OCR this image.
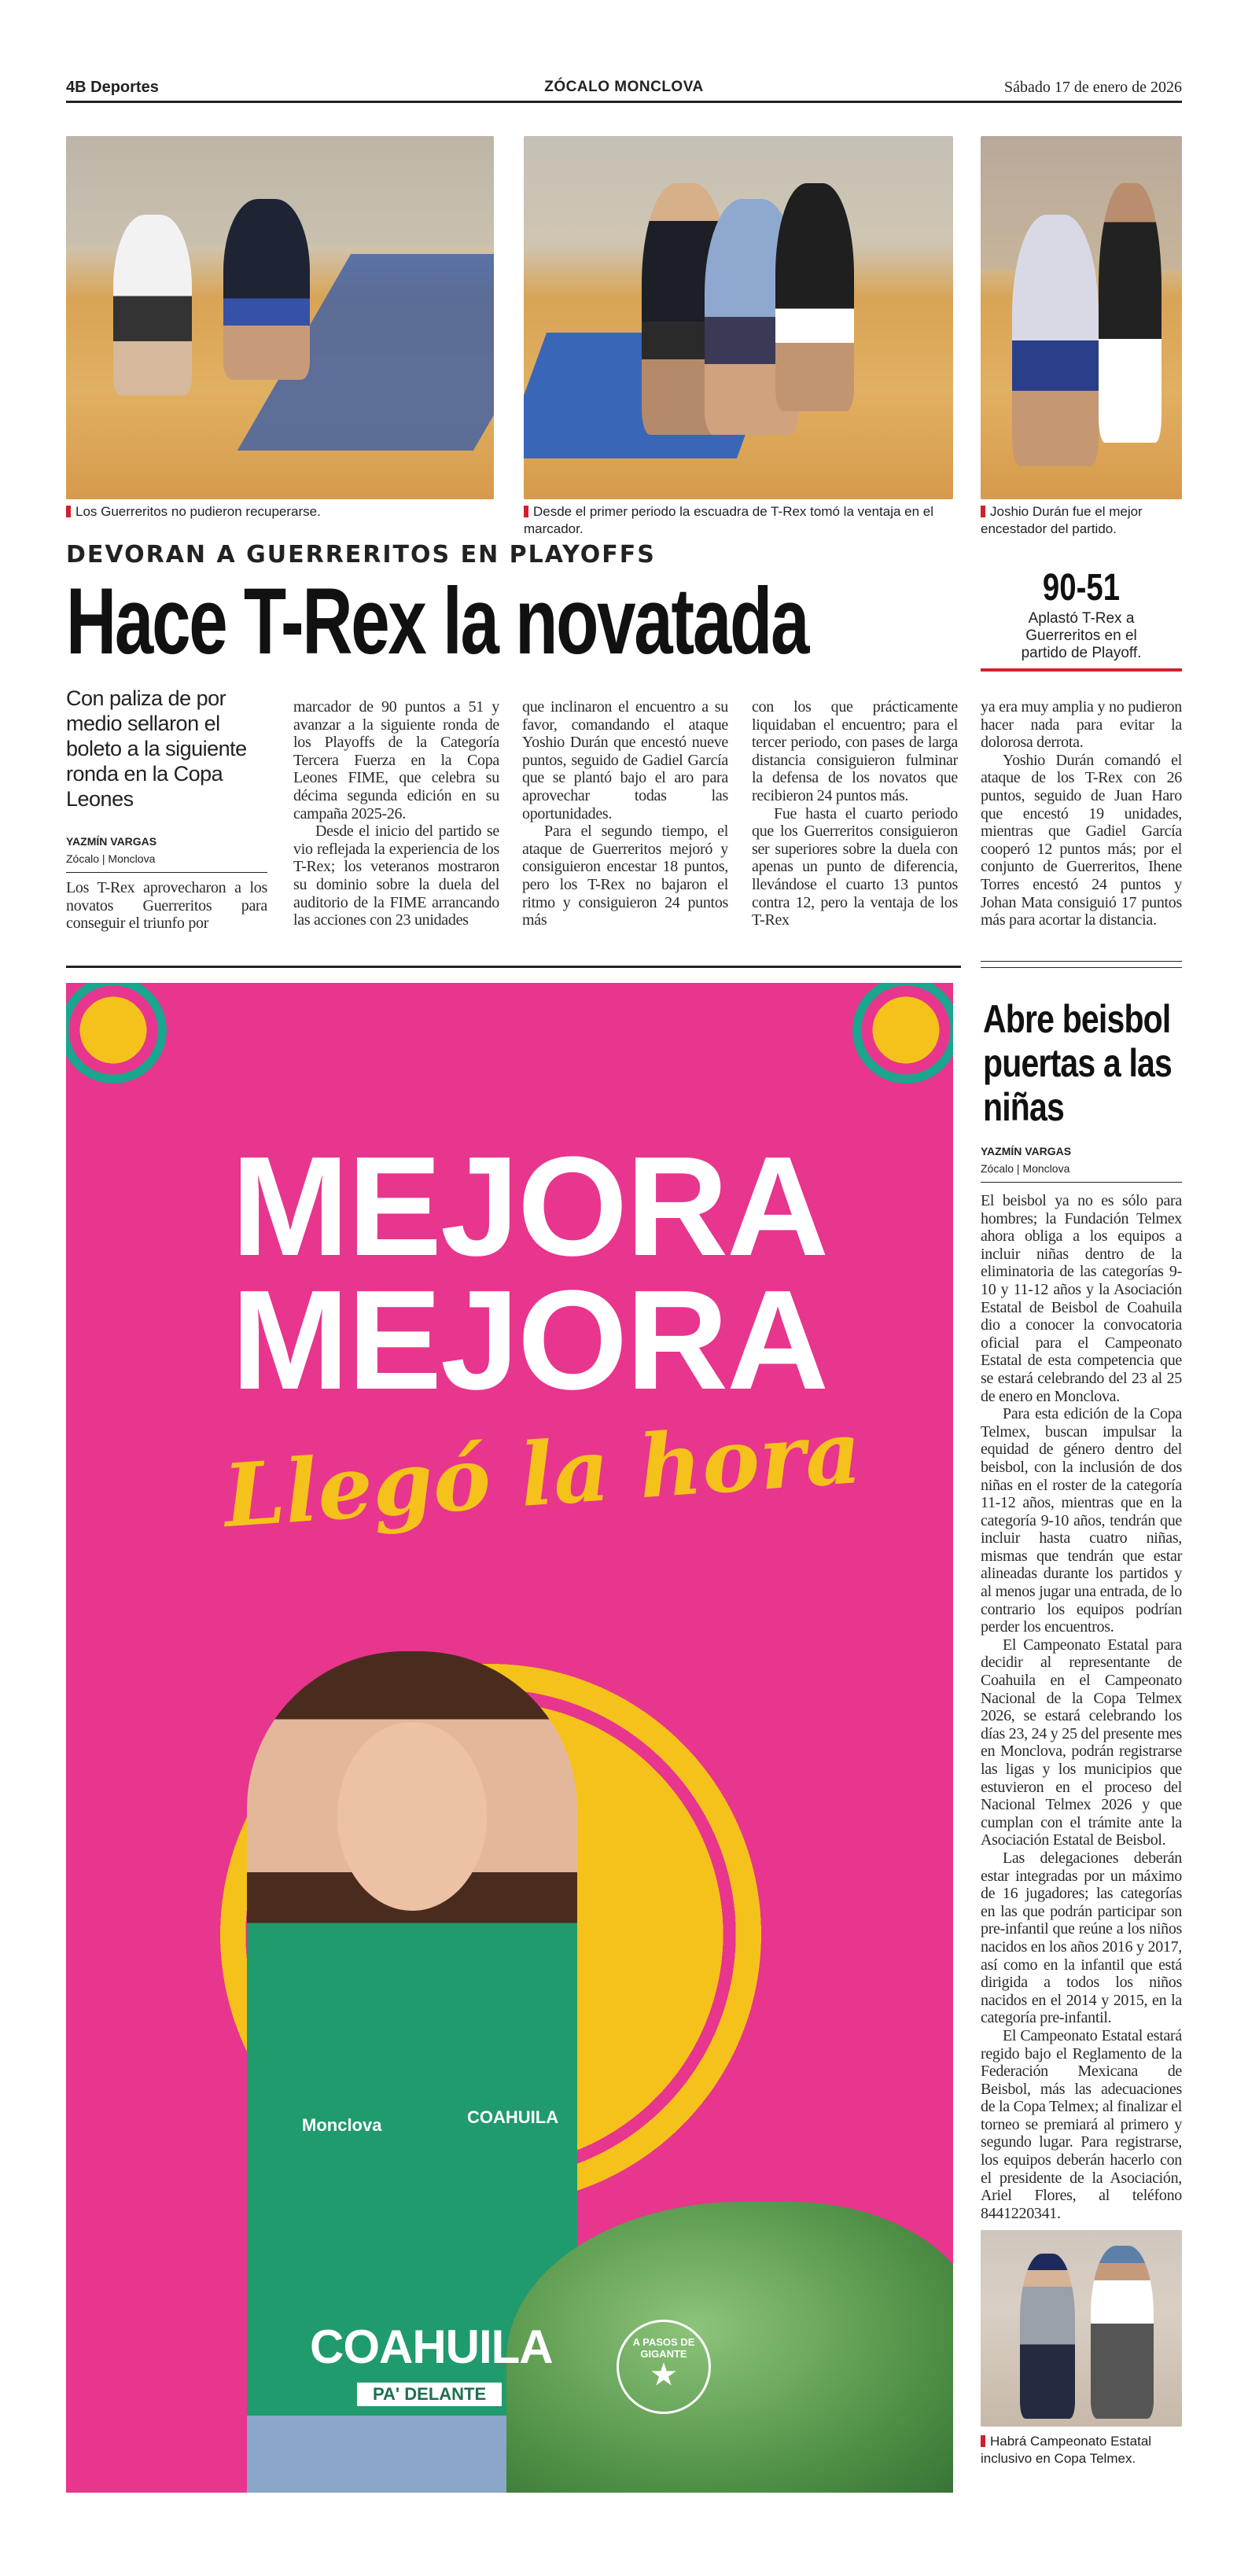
4B Deportes	ZÓCALO MONCLOVA	Sábado 17 de enero de 2026
Los Guerreritos no pudieron recuperarse.	Desde el primer periodo la escuadra de T-Rex tomó la ventaja en el marcador.
Joshio Durán fue el mejor encestador del partido.
DEVORAN A GUERRERITOS EN PLAYOFFS
Hace T-Rex la novatada	90-51
Aplastó T-Rex a Guerreritos en el partido de Playoff.
Con paliza de por medio sellaron el boleto a la siguiente ronda en la Copa Leones
YAZMÍN VARGAS
Zócalo | Monclova

Los T-Rex aprovecharon a los novatos Guerreritos para conseguir el triunfo por

marcador de 90 puntos a 51 y avanzar a la siguiente ronda de los Playoffs de la Categoría Tercera Fuerza en la Copa Leones FIME, que celebra su décima segunda edición en su campaña 2025-26.

Desde el inicio del partido se vio reflejada la experiencia de los T-Rex; los veteranos mostraron su dominio sobre la duela del auditorio de la FIME arrancando las acciones con 23 unidades

que inclinaron el encuentro a su favor, comandando el ataque Yoshio Durán que encestó nueve puntos, seguido de Gadiel García que se plantó bajo el aro para aprovechar todas las oportunidades.

Para el segundo tiempo, el ataque de Guerreritos mejoró y consiguieron encestar 18 puntos, pero los T-Rex no bajaron el ritmo y consiguieron 24 puntos más

con los que prácticamente liquidaban el encuentro; para el tercer periodo, con pases de larga distancia consiguieron fulminar la defensa de los novatos que recibieron 24 puntos más.

Fue hasta el cuarto periodo que los Guerreritos consiguieron ser superiores sobre la duela con apenas un punto de diferencia, llevándose el cuarto 13 puntos contra 12, pero la ventaja de los T-Rex

ya era muy amplia y no pudieron hacer nada para evitar la dolorosa derrota.

Yoshio Durán comandó el ataque de los T-Rex con 26 puntos, seguido de Juan Haro que encestó 19 unidades, mientras que Gadiel García cooperó 12 puntos más; por el conjunto de Guerreritos, Ihene Torres encestó 24 puntos y Johan Mata consiguió 17 puntos más para acortar la distancia.

MEJORA
MEJORA
Llegó la hora
Monclova	COAHUILA
COAHUILA
PA' DELANTE
A PASOS DE GIGANTE
★
Abre beisbol puertas a las niñas
YAZMÍN VARGAS
Zócalo | Monclova

El beisbol ya no es sólo para hombres; la Fundación Telmex ahora obliga a los equipos a incluir niñas dentro de la eliminatoria de las categorías 9-10 y 11-12 años y la Asociación Estatal de Beisbol de Coahuila dio a conocer la convocatoria oficial para el Campeonato Estatal de esta competencia que se estará celebrando del 23 al 25 de enero en Monclova.

Para esta edición de la Copa Telmex, buscan impulsar la equidad de género dentro del beisbol, con la inclusión de dos niñas en el roster de la categoría 11-12 años, mientras que en la categoría 9-10 años, tendrán que incluir hasta cuatro niñas, mismas que tendrán que estar alineadas durante los partidos y al menos jugar una entrada, de lo contrario los equipos podrían perder los encuentros.

El Campeonato Estatal para decidir al representante de Coahuila en el Campeonato Nacional de la Copa Telmex 2026, se estará celebrando los días 23, 24 y 25 del presente mes en Monclova, podrán registrarse las ligas y los municipios que estuvieron en el proceso del Nacional Telmex 2026 y que cumplan con el trámite ante la Asociación Estatal de Beisbol.

Las delegaciones deberán estar integradas por un máximo de 16 jugadores; las categorías en las que podrán participar son pre-infantil que reúne a los niños nacidos en los años 2016 y 2017, así como en la infantil que está dirigida a todos los niños nacidos en el 2014 y 2015, en la categoría pre-infantil.

El Campeonato Estatal estará regido bajo el Reglamento de la Federación Mexicana de Beisbol, más las adecuaciones de la Copa Telmex; al finalizar el torneo se premiará al primero y segundo lugar. Para registrarse, los equipos deberán hacerlo con el presidente de la Asociación, Ariel Flores, al teléfono 8441220341.

Habrá Campeonato Estatal inclusivo en Copa Telmex.
